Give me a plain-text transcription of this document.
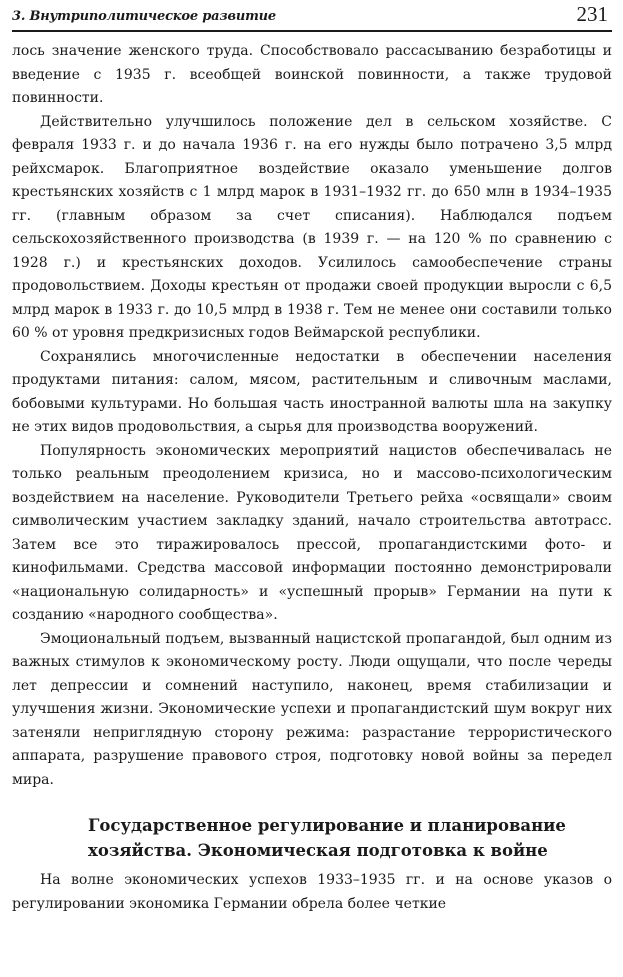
3. Внутриполитическое развитие	231

лось значение женского труда. Способствовало рассасыванию безработицы и введение с 1935 г. всеобщей воинской повинности, а также трудовой повинности.

Действительно улучшилось положение дел в сельском хозяйстве. С февраля 1933 г. и до начала 1936 г. на его нужды было потрачено 3,5 млрд рейхсмарок. Благоприятное воздействие оказало уменьшение долгов крестьянских хозяйств с 1 млрд марок в 1931–1932 гг. до 650 млн в 1934–1935 гг. (главным образом за счет списания). Наблюдался подъем сельскохозяйственного производства (в 1939 г. — на 120 % по сравнению с 1928 г.) и крестьянских доходов. Усилилось самообеспечение страны продовольствием. Доходы крестьян от продажи своей продукции выросли с 6,5 млрд марок в 1933 г. до 10,5 млрд в 1938 г. Тем не менее они составили только 60 % от уровня предкризисных годов Веймарской республики.

Сохранялись многочисленные недостатки в обеспечении населения продуктами питания: салом, мясом, растительным и сливочным маслами, бобовыми культурами. Но большая часть иностранной валюты шла на закупку не этих видов продовольствия, а сырья для производства вооружений.

Популярность экономических мероприятий нацистов обеспечивалась не только реальным преодолением кризиса, но и массово-психологическим воздействием на население. Руководители Третьего рейха «освящали» своим символическим участием закладку зданий, начало строительства автотрасс. Затем все это тиражировалось прессой, пропагандистскими фото- и кинофильмами. Средства массовой информации постоянно демонстрировали «национальную солидарность» и «успешный прорыв» Германии на пути к созданию «народного сообщества».

Эмоциональный подъем, вызванный нацистской пропагандой, был одним из важных стимулов к экономическому росту. Люди ощущали, что после череды лет депрессии и сомнений наступило, наконец, время стабилизации и улучшения жизни. Экономические успехи и пропагандистский шум вокруг них затеняли неприглядную сторону режима: разрастание террористического аппарата, разрушение правового строя, подготовку новой войны за передел мира.

Государственное регулирование и планирование хозяйства. Экономическая подготовка к войне

На волне экономических успехов 1933–1935 гг. и на основе указов о регулировании экономика Германии обрела более четкие
